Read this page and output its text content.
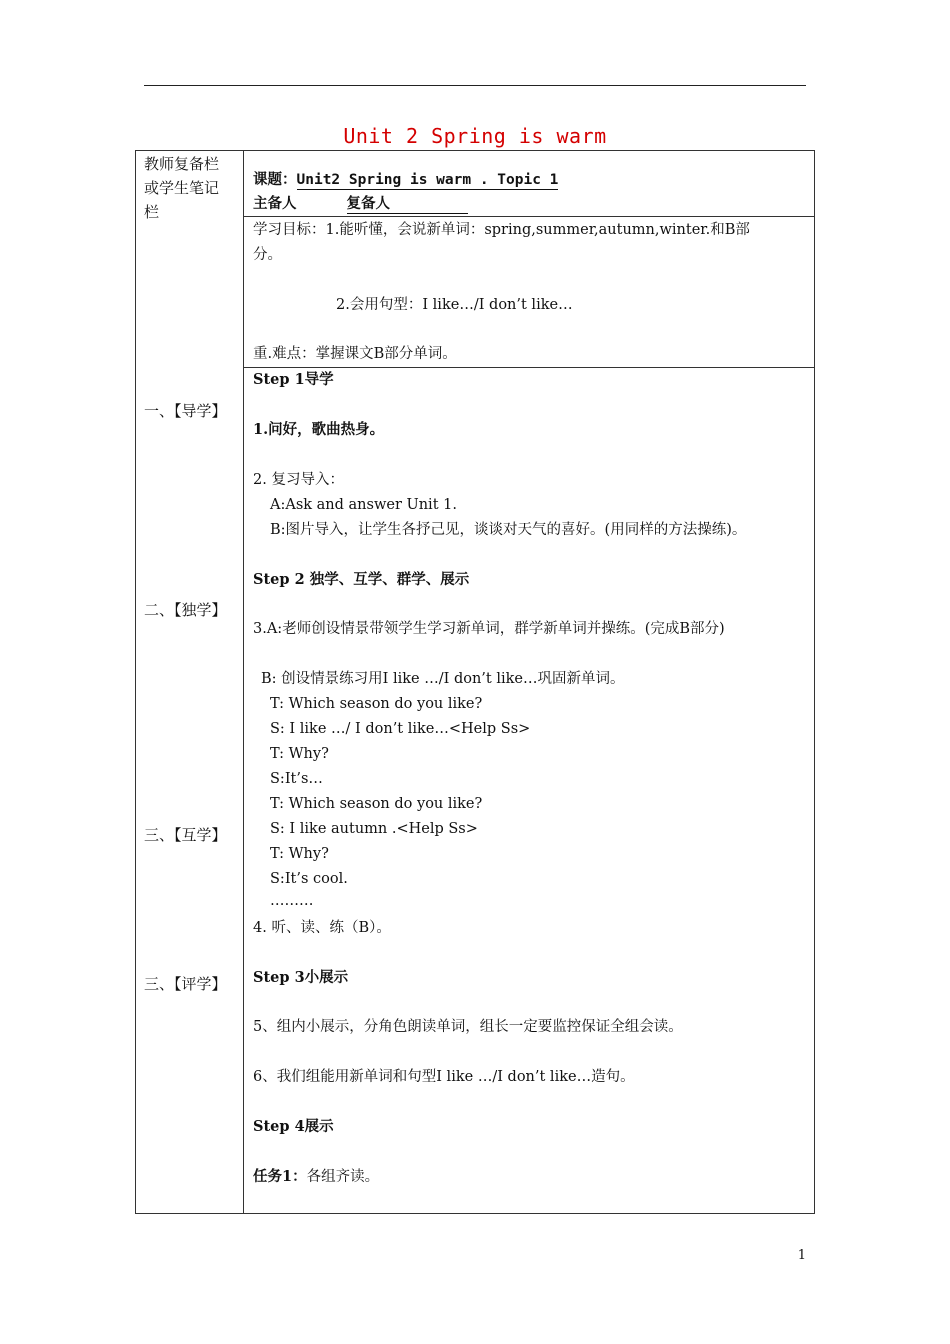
Unit 2 Spring is warm
教师复备栏
或学生笔记
栏
一、【导学】
二、【独学】
三、【互学】
三、【评学】
课题：Unit2 Spring is warm . Topic 1
主备人	复备人
学习目标：1.能听懂，会说新单词：spring,summer,autumn,winter.和B部
分。
2.会用句型：I like…/I don’t like…
重.难点：掌握课文B部分单词。
Step 1导学
1.问好，歌曲热身。
2. 复习导入：
A:Ask and answer Unit 1.
B:图片导入，让学生各抒己见，谈谈对天气的喜好。(用同样的方法操练)。
Step 2 独学、互学、群学、展示
3.A:老师创设情景带领学生学习新单词，群学新单词并操练。(完成B部分)
B: 创设情景练习用I like …/I don’t like…巩固新单词。
T: Which season do you like?
S: I like …/ I don’t like…<Help Ss>
T: Why?
S:It’s…
T: Which season do you like?
S: I like autumn .<Help Ss>
T: Why?
S:It’s cool.
………
4. 听、读、练（B）。
Step 3小展示
5、组内小展示，分角色朗读单词，组长一定要监控保证全组会读。
6、我们组能用新单词和句型I like …/I don’t like…造句。
Step 4展示
任务1：各组齐读。
1
